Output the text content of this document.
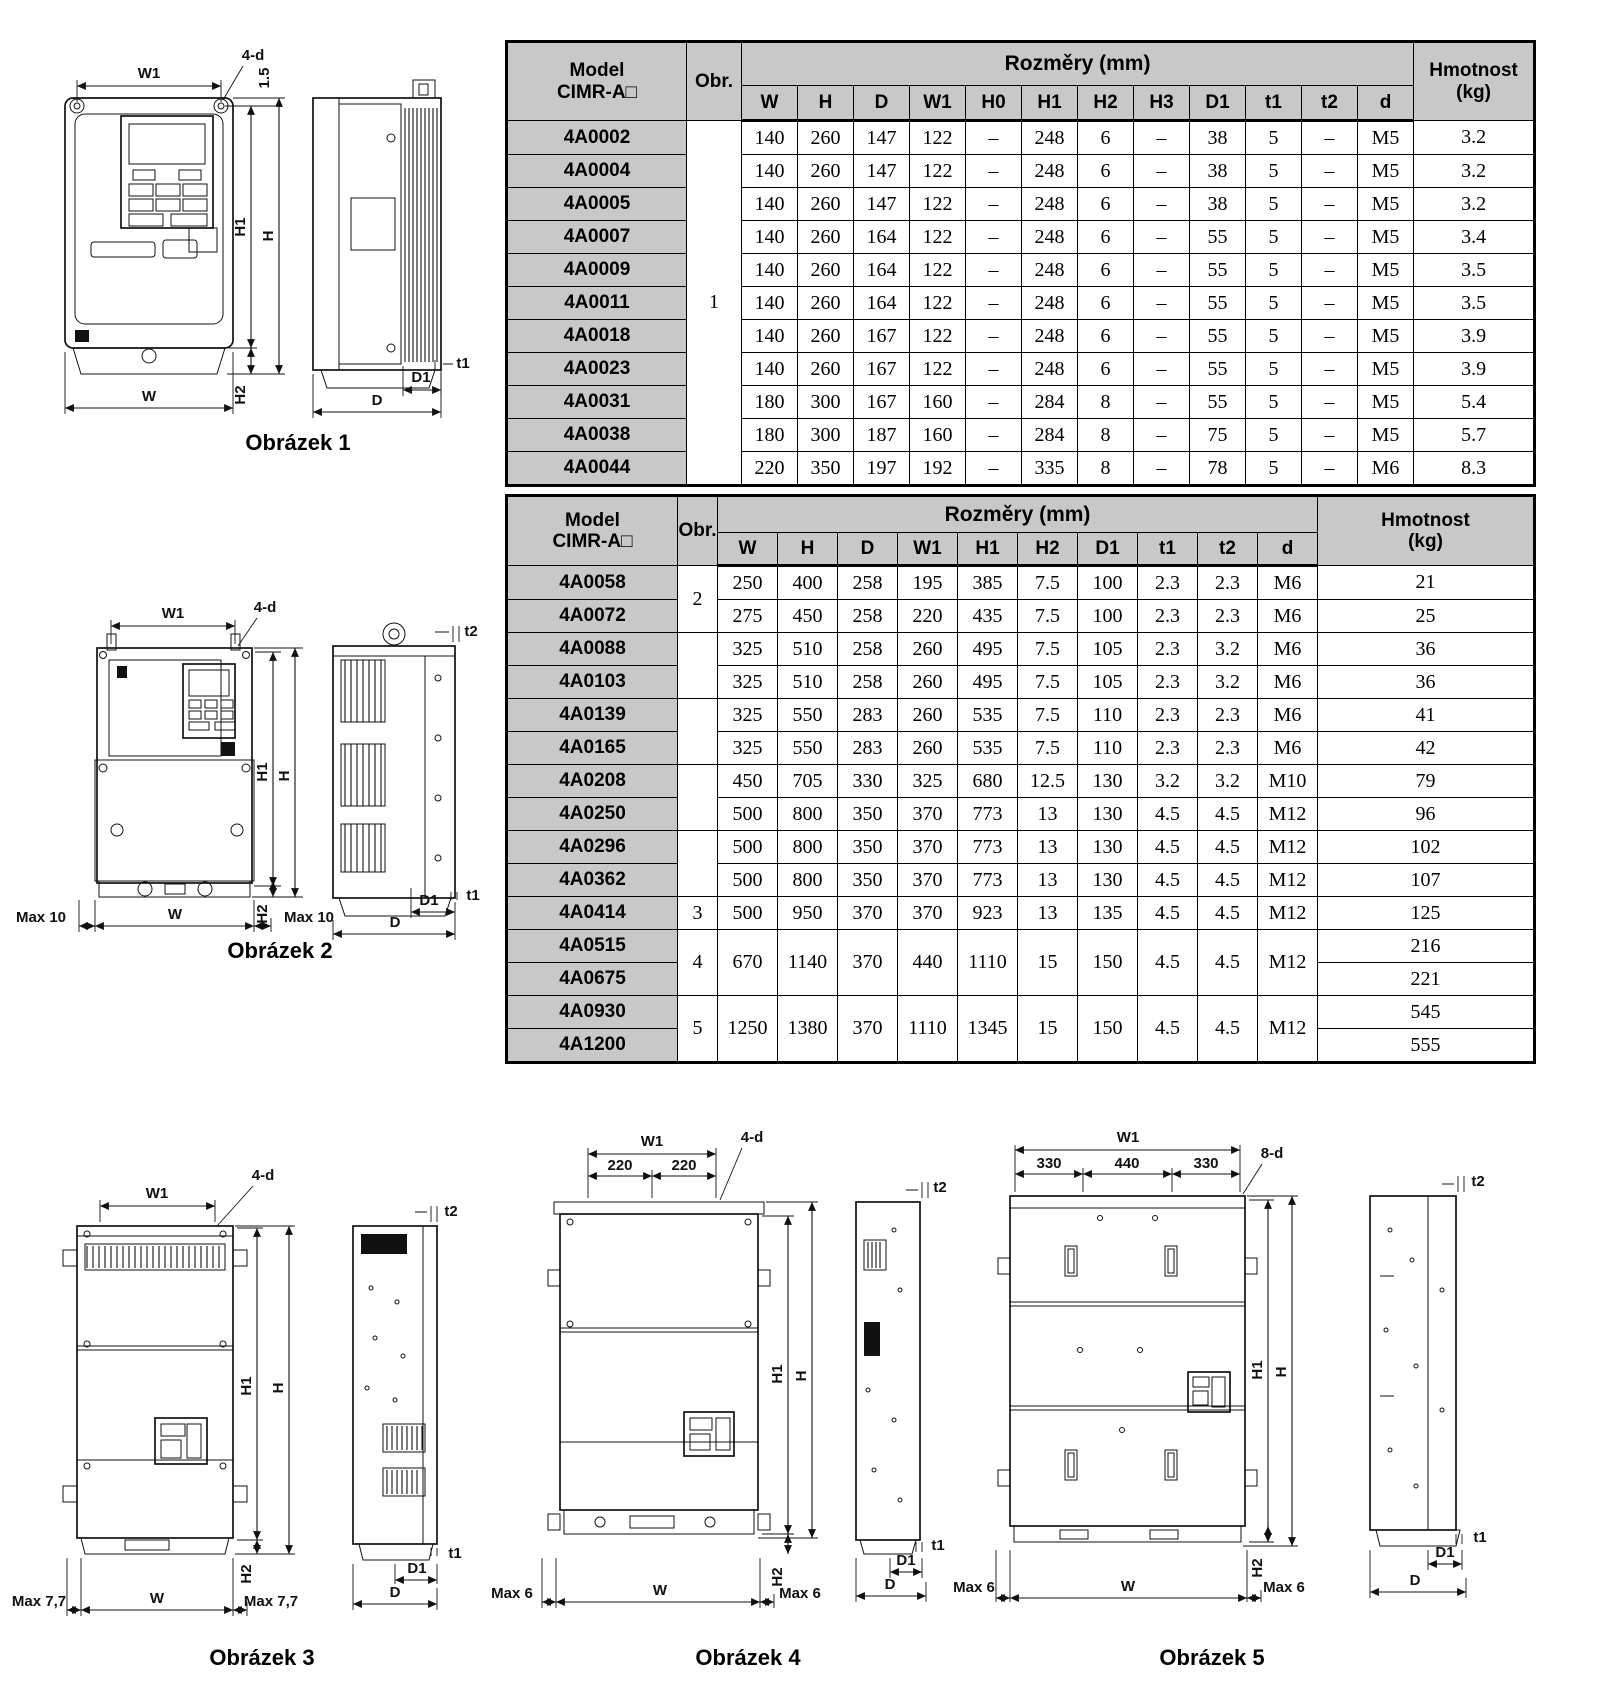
W1
4-d
1.5
H1 H
H2
W	D
D1
t1
Obrázek 1
W1	4-d
H1 H
H2
Max 10	Max 10
W
t2
D
D1 t1
Obrázek 2
Model
CIMR-A□	Obr.	Rozměry (mm)												Hmotnost
(kg)
		W	H	D	W1	H0	H1	H2	H3	D1	t1	t2	d	
4A0002	1	140	260	147	122	–	248	6	–	38	5	–	M5	3.2
4A0004		140	260	147	122	–	248	6	–	38	5	–	M5	3.2
4A0005		140	260	147	122	–	248	6	–	38	5	–	M5	3.2
4A0007		140	260	164	122	–	248	6	–	55	5	–	M5	3.4
4A0009		140	260	164	122	–	248	6	–	55	5	–	M5	3.5
4A0011		140	260	164	122	–	248	6	–	55	5	–	M5	3.5
4A0018		140	260	167	122	–	248	6	–	55	5	–	M5	3.9
4A0023		140	260	167	122	–	248	6	–	55	5	–	M5	3.9
4A0031		180	300	167	160	–	284	8	–	55	5	–	M5	5.4
4A0038		180	300	187	160	–	284	8	–	75	5	–	M5	5.7
4A0044		220	350	197	192	–	335	8	–	78	5	–	M6	8.3
Model
CIMR-A□	Obr.	Rozměry (mm)										Hmotnost
(kg)
		W	H	D	W1	H1	H2	D1	t1	t2	d	
4A0058	2	250	400	258	195	385	7.5	100	2.3	2.3	M6	21
4A0072		275	450	258	220	435	7.5	100	2.3	2.3	M6	25
4A0088		325	510	258	260	495	7.5	105	2.3	3.2	M6	36
4A0103		325	510	258	260	495	7.5	105	2.3	3.2	M6	36
4A0139		325	550	283	260	535	7.5	110	2.3	2.3	M6	41
4A0165		325	550	283	260	535	7.5	110	2.3	2.3	M6	42
4A0208		450	705	330	325	680	12.5	130	3.2	3.2	M10	79
4A0250		500	800	350	370	773	13	130	4.5	4.5	M12	96
4A0296		500	800	350	370	773	13	130	4.5	4.5	M12	102
4A0362		500	800	350	370	773	13	130	4.5	4.5	M12	107
4A0414	3	500	950	370	370	923	13	135	4.5	4.5	M12	125
4A0515	4	670	1140	370	440	1110	15	150	4.5	4.5	M12	216
4A0675												221
4A0930	5	1250	1380	370	1110	1345	15	150	4.5	4.5	M12	545
4A1200												555
4-d
W1
H1 H
H2
Max 7,7	Max 7,7
W
t2
t1
D1
D
Obrázek 3
W1
220	220
4-d
H1 H
H2
Max 6	Max 6
W
t2
t1
D1
D
Obrázek 4
W1
330	440	330
8-d
H1 H
H2
Max 6	Max 6
W
t2
t1
D1
D
Obrázek 5
